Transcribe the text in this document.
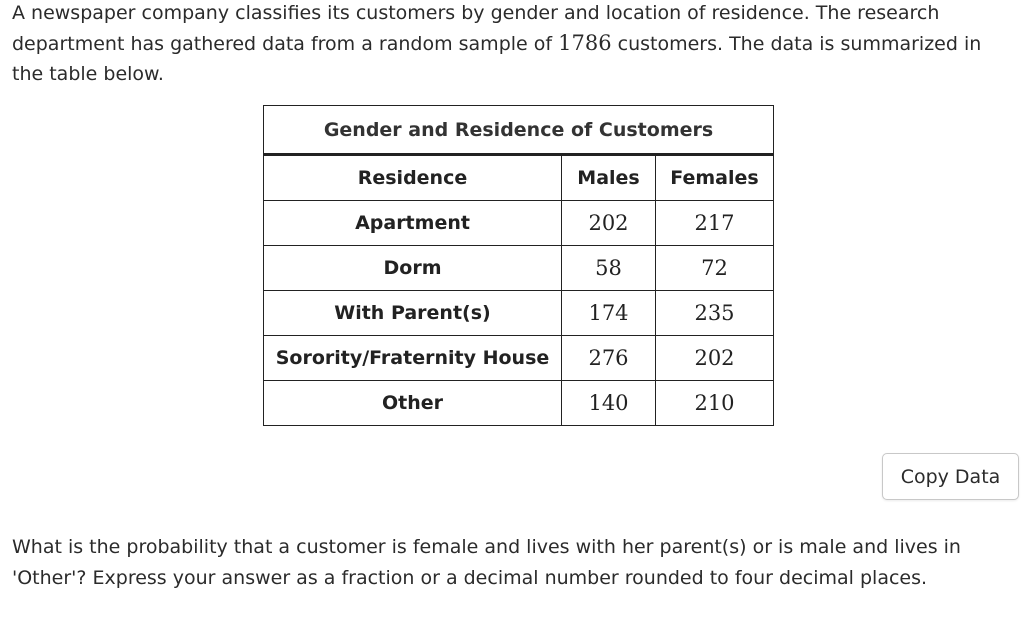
A newspaper company classifies its customers by gender and location of residence. The research department has gathered data from a random sample of 1786 customers. The data is summarized in the table below.
Gender and Residence of Customers		
Residence	Males	Females
Apartment	202	217
Dorm	58	72
With Parent(s)	174	235
Sorority/Fraternity House	276	202
Other	140	210
Copy Data
What is the probability that a customer is female and lives with her parent(s) or is male and lives in 'Other'? Express your answer as a fraction or a decimal number rounded to four decimal places.
